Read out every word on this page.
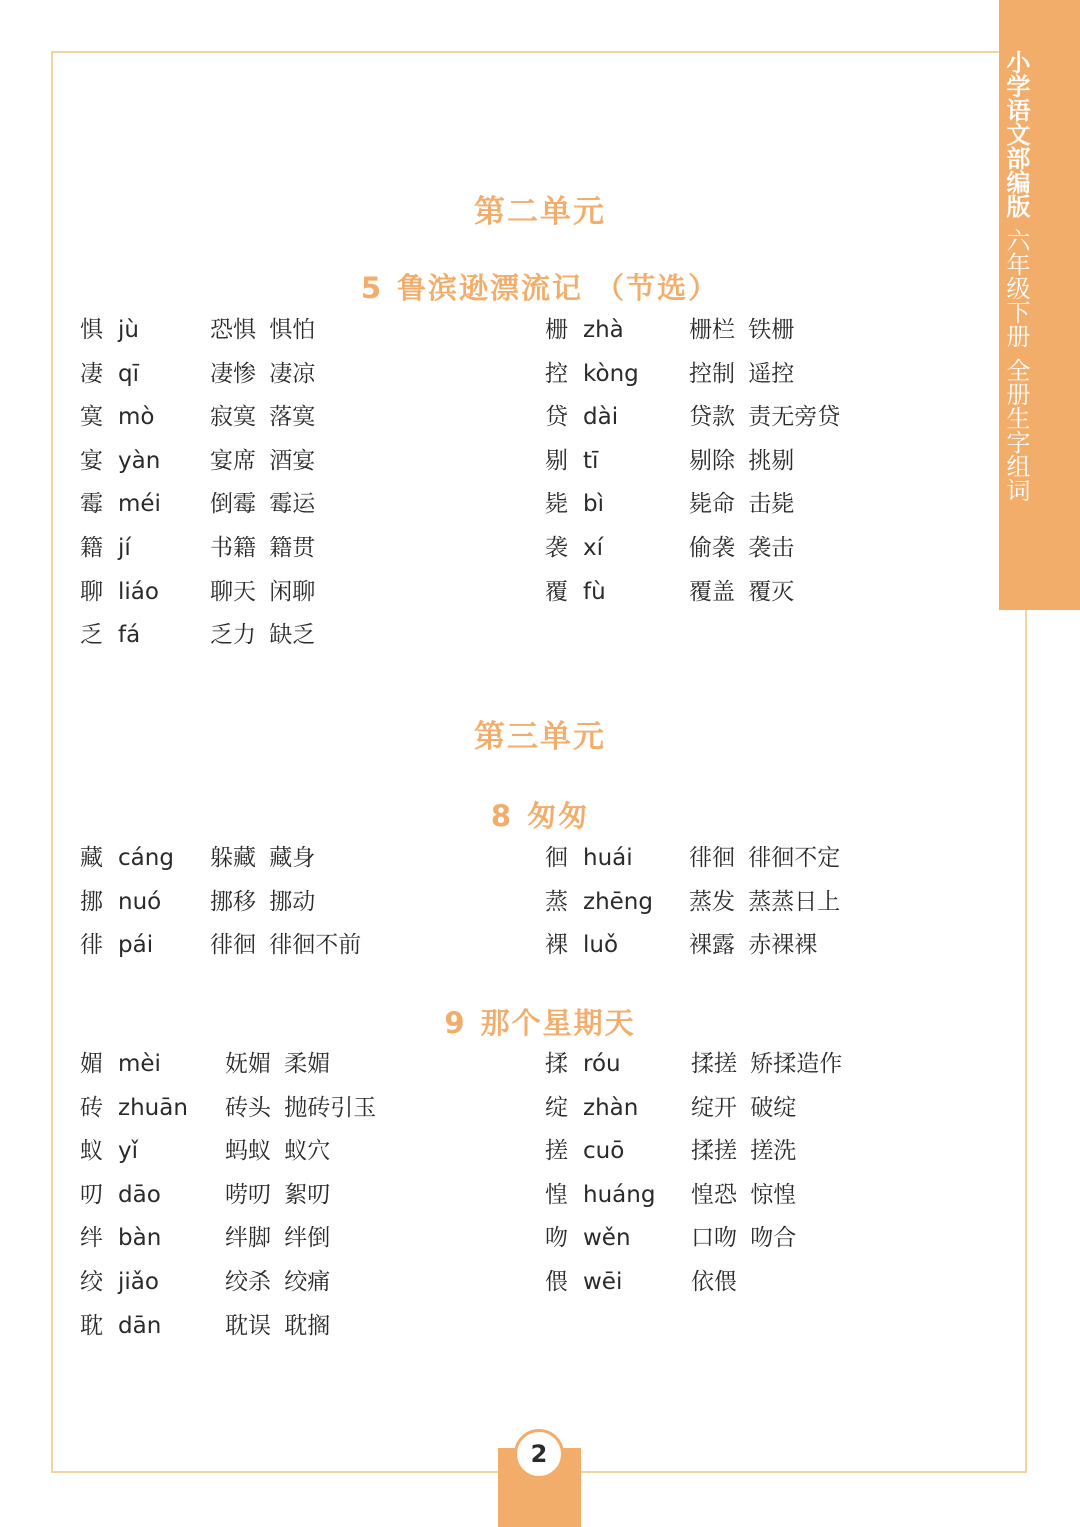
小学语文部编版六年级下册全册生字组词
第二单元
5 鲁滨逊漂流记 （节选）
第三单元
8 匆匆
9 那个星期天
惧 jù	恐惧 惧怕
凄 qī	凄惨 凄凉
寞 mò 寂寞 落寞
宴 yàn 宴席 酒宴
霉 méi 倒霉 霉运
籍 jí	书籍 籍贯
聊 liáo 聊天 闲聊
乏 fá	乏力 缺乏
栅 zhà	栅栏 铁栅
控 kòng 控制 遥控
贷 dài	贷款 责无旁贷
剔 tī	剔除 挑剔
毙 bì	毙命 击毙
袭 xí	偷袭 袭击
覆 fù	覆盖 覆灭
藏 cáng 躲藏 藏身
挪 nuó 挪移 挪动
徘 pái 徘徊 徘徊不前
徊 huái 徘徊 徘徊不定
蒸 zhēng 蒸发 蒸蒸日上
裸 luǒ	裸露 赤裸裸
媚 mèi	妩媚 柔媚
砖 zhuān 砖头 抛砖引玉
蚁 yǐ	蚂蚁 蚁穴
叨 dāo	唠叨 絮叨
绊 bàn	绊脚 绊倒
绞 jiǎo	绞杀 绞痛
耽 dān	耽误 耽搁
揉 róu	揉搓 矫揉造作
绽 zhàn 绽开 破绽
搓 cuō	揉搓 搓洗
惶 huáng 惶恐 惊惶
吻 wěn	口吻 吻合
偎 wēi	依偎
2
